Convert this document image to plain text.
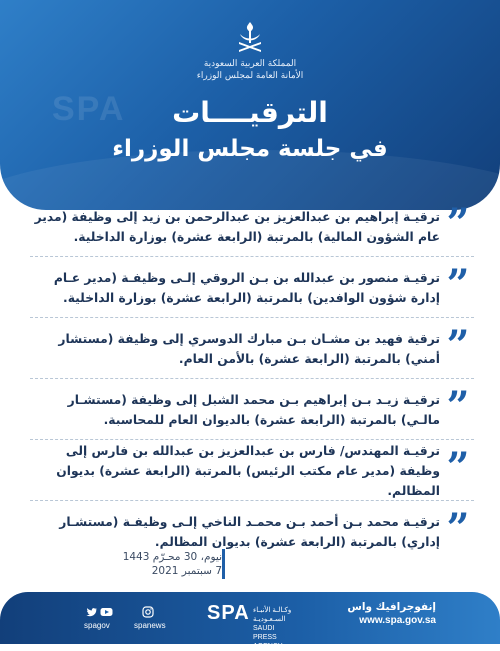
SPA
المملكة العربية السعودية
الأمانة العامة لمجلس الوزراء
الترقيــــات
في جلسة مجلس الوزراء
”
ترقيـة إبراهيم بن عبدالعزيز بن عبدالرحمن بن زيد إلى وظيفة (مدير عام الشؤون المالية) بالمرتبة (الرابعة عشرة) بوزارة الداخلية.
”
ترقيـة منصور بن عبدالله بن بـن الروقي إلـى وظيفـة (مدير عـام إدارة شؤون الوافدين) بالمرتبة (الرابعة عشرة) بوزارة الداخلية.
”
ترقية فهيد بن مشـان بـن مبارك الدوسري إلى وظيفة (مستشار أمني) بالمرتبة (الرابعة عشرة) بالأمن العام.
”
ترقيـة زيـد بـن إبراهيم بـن محمد الشبل إلى وظيفة (مستشـار مالـي) بالمرتبة (الرابعة عشرة) بالديوان العام للمحاسبة.
”
ترقيـة المهندس/ فارس بن عبدالعزيز بن عبدالله بن فارس إلى وظيفة (مدير عام مكتب الرئيس) بالمرتبة (الرابعة عشرة) بديوان المظالم.
”
ترقيـة محمد بـن أحمد بـن محمـد الناخي إلـى وظيفـة (مستشـار إداري) بالمرتبة (الرابعة عشرة) بديوان المظالم.
نيوم، 30 محـرّم 1443
7 سبتمبر 2021
spagov	spanews
إنفوجرافيك واس
www.spa.gov.sa
SPA وكـالـة الأنبـاء السـعـوديـة
SAUDI PRESS
AGENCY
